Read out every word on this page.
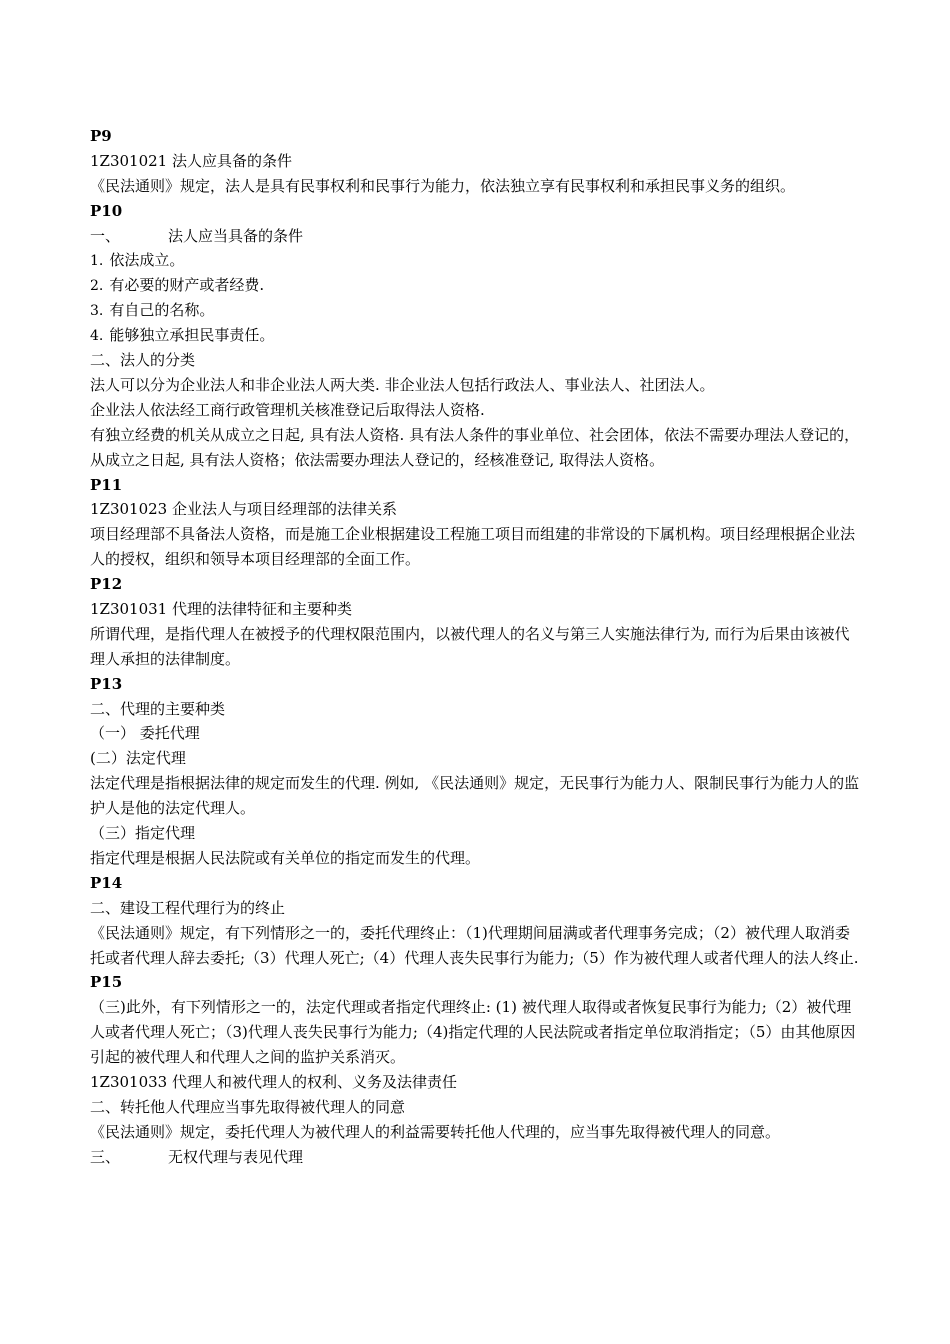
P9
1Z301021 法人应具备的条件
《民法通则》规定，法人是具有民事权利和民事行为能力，依法独立享有民事权利和承担民事义务的组织。
P10
一、	法人应当具备的条件
1. 依法成立。
2. 有必要的财产或者经费.
3. 有自己的名称。
4. 能够独立承担民事责任。
二、法人的分类
法人可以分为企业法人和非企业法人两大类. 非企业法人包括行政法人、事业法人、社团法人。
企业法人依法经工商行政管理机关核准登记后取得法人资格.
有独立经费的机关从成立之日起, 具有法人资格. 具有法人条件的事业单位、社会团体，依法不需要办理法人登记的，从成立之日起, 具有法人资格；依法需要办理法人登记的，经核准登记, 取得法人资格。
P11
1Z301023 企业法人与项目经理部的法律关系
项目经理部不具备法人资格，而是施工企业根据建设工程施工项目而组建的非常设的下属机构。项目经理根据企业法人的授权，组织和领导本项目经理部的全面工作。
P12
1Z301031 代理的法律特征和主要种类
所谓代理，是指代理人在被授予的代理权限范围内，以被代理人的名义与第三人实施法律行为, 而行为后果由该被代理人承担的法律制度。
P13
二、代理的主要种类
（一） 委托代理
(二）法定代理
法定代理是指根据法律的规定而发生的代理. 例如, 《民法通则》规定，无民事行为能力人、限制民事行为能力人的监护人是他的法定代理人。
（三）指定代理
指定代理是根据人民法院或有关单位的指定而发生的代理。
P14
二、建设工程代理行为的终止
《民法通则》规定，有下列情形之一的，委托代理终止：（1)代理期间届满或者代理事务完成；（2）被代理人取消委托或者代理人辞去委托;（3）代理人死亡;（4）代理人丧失民事行为能力;（5）作为被代理人或者代理人的法人终止.
P15
（三)此外，有下列情形之一的，法定代理或者指定代理终止: (1) 被代理人取得或者恢复民事行为能力;（2）被代理人或者代理人死亡；（3)代理人丧失民事行为能力;（4)指定代理的人民法院或者指定单位取消指定；（5）由其他原因引起的被代理人和代理人之间的监护关系消灭。
1Z301033 代理人和被代理人的权利、义务及法律责任
二、转托他人代理应当事先取得被代理人的同意
《民法通则》规定，委托代理人为被代理人的利益需要转托他人代理的，应当事先取得被代理人的同意。
三、	无权代理与表见代理
